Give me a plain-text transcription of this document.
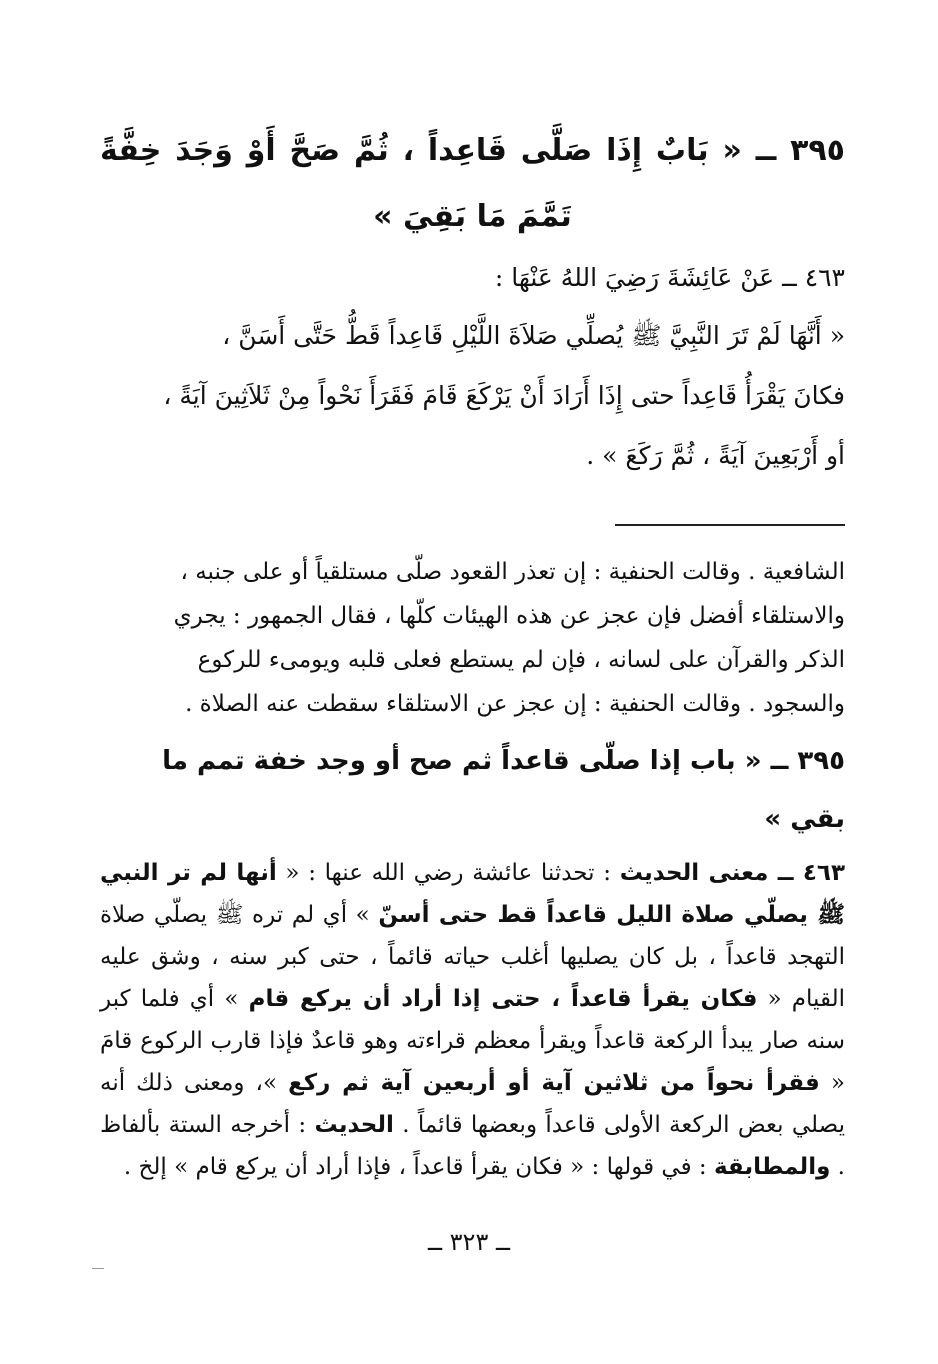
٣٩٥ ــ « بَابٌ إِذَا صَلَّى قَاعِداً ، ثُمَّ صَحَّ أَوْ وَجَدَ خِفَّةً تَمَّمَ مَا بَقِيَ »

٤٦٣ ــ عَنْ عَائِشَةَ رَضِيَ اللهُ عَنْهَا :

« أَنَّهَا لَمْ تَرَ النَّبِيَّ ﷺ يُصلِّي صَلاَةَ اللَّيْلِ قَاعِداً قَطُّ حَتَّى أَسَنَّ ،

فكانَ يَقْرَأُ قَاعِداً حتى إِذَا أَرَادَ أَنْ يَرْكَعَ قَامَ فَقَرَأَ نَحْواً مِنْ ثَلاَثِينَ آيَةً ،

أو أَرْبَعِينَ آيَةً ، ثُمَّ رَكَعَ » .

الشافعية . وقالت الحنفية : إن تعذر القعود صلّى مستلقياً أو على جنبه ،

والاستلقاء أفضل فإن عجز عن هذه الهيئات كلّها ، فقال الجمهور : يجري

الذكر والقرآن على لسانه ، فإن لم يستطع فعلى قلبه ويومىء للركوع

والسجود . وقالت الحنفية : إن عجز عن الاستلقاء سقطت عنه الصلاة .

٣٩٥ ــ « باب إذا صلّى قاعداً ثم صح أو وجد خفة تمم ما بقي »

٤٦٣ ــ معنى الحديث : تحدثنا عائشة رضي الله عنها : « أنها لم تر النبي ﷺ يصلّي صلاة الليل قاعداً قط حتى أسنّ » أي لم تره ﷺ يصلّي صلاة التهجد قاعداً ، بل كان يصليها أغلب حياته قائماً ، حتى كبر سنه ، وشق عليه القيام « فكان يقرأ قاعداً ، حتى إذا أراد أن يركع قام » أي فلما كبر سنه صار يبدأ الركعة قاعداً ويقرأ معظم قراءته وهو قاعدٌ فإذا قارب الركوع قامَ « فقرأ نحواً من ثلاثين آية أو أربعين آية ثم ركع »، ومعنى ذلك أنه يصلي بعض الركعة الأولى قاعداً وبعضها قائماً . الحديث : أخرجه الستة بألفاظ . والمطابقة : في قولها : « فكان يقرأ قاعداً ، فإذا أراد أن يركع قام » إلخ .

ــ ٣٢٣ ــ
